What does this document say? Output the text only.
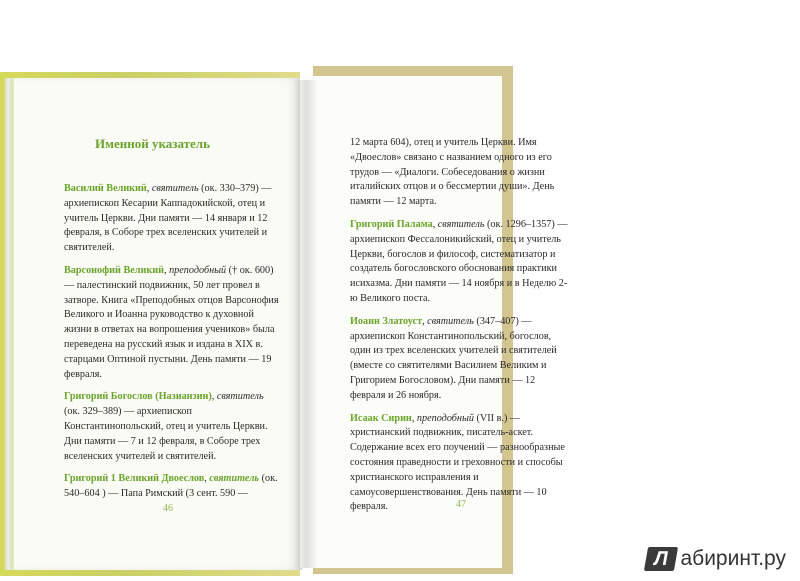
Именной указатель
Василий Великий, святитель (ок. 330–379) — архиепископ Кесарии Каппадокийской, отец и учитель Церкви. Дни памяти — 14 января и 12 февраля, в Соборе трех вселенских учителей и святителей.
Варсонофий Великий, преподобный († ок. 600) — палестинский подвижник, 50 лет провел в затворе. Книга «Преподобных отцов Варсонофия Великого и Иоанна руководство к духовной жизни в ответах на вопрошения учеников» была переведена на русский язык и издана в XIX в. старцами Оптиной пустыни. День памяти — 19 февраля.
Григорий Богослов (Назианзин), святитель (ок. 329–389) — архиепископ Константинопольский, отец и учитель Церкви. Дни памяти — 7 и 12 февраля, в Соборе трех вселенских учителей и святителей.
Григорий 1 Великий Двоеслов, святитель (ок. 540–604 ) — Папа Римский (3 сент. 590 —
12 марта 604), отец и учитель Церкви. Имя «Двоеслов» связано с названием одного из его трудов — «Диалоги. Собеседования о жизни италийских отцов и о бессмертии души». День памяти — 12 марта.
Григорий Палама, святитель (ок. 1296–1357) — архиепископ Фессалоникийский, отец и учитель Церкви, богослов и философ, систематизатор и создатель богословского обоснования практики исихазма. Дни памяти — 14 ноября и в Неделю 2-ю Великого поста.
Иоанн Златоуст, святитель (347–407) — архиепископ Константинопольский, богослов, один из трех вселенских учителей и святителей (вместе со святителями Василием Великим и Григорием Богословом). Дни памяти — 12 февраля и 26 ноября.
Исаак Сирин, преподобный (VII в.) — христианский подвижник, писатель-аскет. Содержание всех его поучений — разнообразные состояния праведности и греховности и способы христианского исправления и самоусовершенствования. День памяти — 10 февраля.
46	47
Л абиринт.ру
